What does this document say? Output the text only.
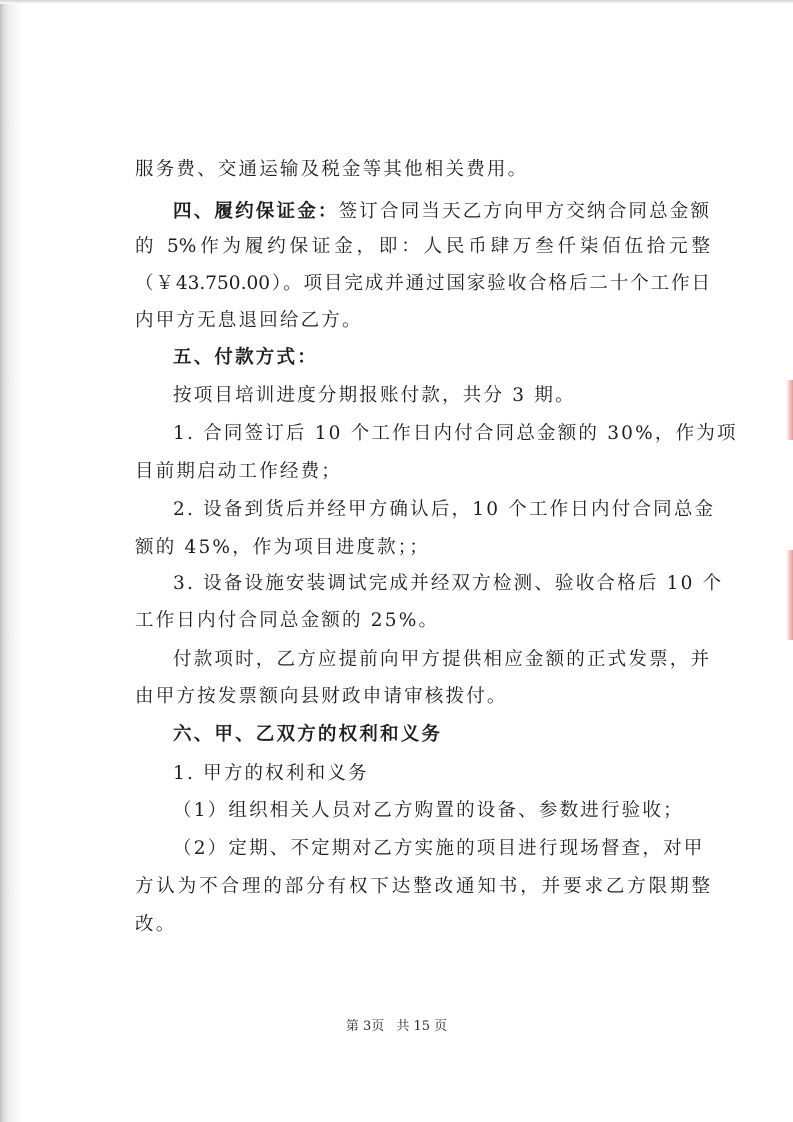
服务费、交通运输及税金等其他相关费用。
四、履约保证金：签订合同当天乙方向甲方交纳合同总金额
的 5%作为履约保证金，即：人民币肆万叁仟柒佰伍拾元整
（￥43.750.00）。项目完成并通过国家验收合格后二十个工作日
内甲方无息退回给乙方。
五、付款方式：
按项目培训进度分期报账付款，共分 3 期。
1. 合同签订后 10 个工作日内付合同总金额的 30%，作为项
目前期启动工作经费；
2. 设备到货后并经甲方确认后，10 个工作日内付合同总金
额的 45%，作为项目进度款；；
3. 设备设施安装调试完成并经双方检测、验收合格后 10 个
工作日内付合同总金额的 25%。
付款项时，乙方应提前向甲方提供相应金额的正式发票，并
由甲方按发票额向县财政申请审核拨付。
六、甲、乙双方的权利和义务
1. 甲方的权利和义务
（1）组织相关人员对乙方购置的设备、参数进行验收；
（2）定期、不定期对乙方实施的项目进行现场督查，对甲
方认为不合理的部分有权下达整改通知书，并要求乙方限期整
改。
第 3页 共 15 页
